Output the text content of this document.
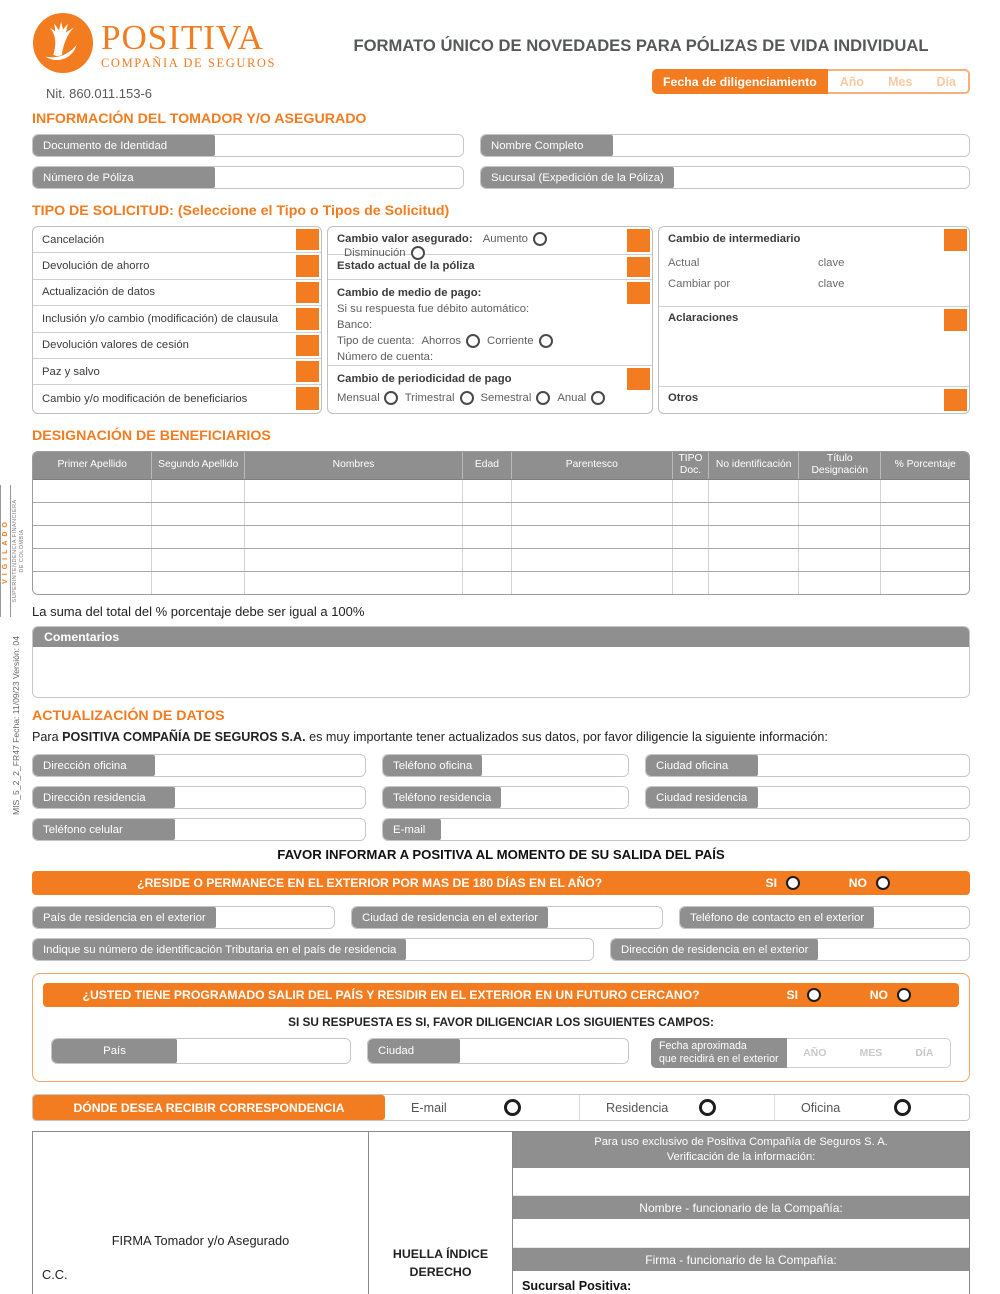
VIGILADO SUPERINTENDENCIA FINANCIERA
DE COLOMBIA
MIS_5_2_2_FR47 Fecha: 11/09/23 Versión: 04
POSITIVA
COMPAÑIA DE SEGUROS
Nit. 860.011.153-6
FORMATO ÚNICO DE NOVEDADES PARA PÓLIZAS DE VIDA INDIVIDUAL
Fecha de diligenciamiento	Año Mes Día
INFORMACIÓN DEL TOMADOR Y/O ASEGURADO
Documento de Identidad	Nombre Completo
Número de Póliza	Sucursal (Expedición de la Póliza)
TIPO DE SOLICITUD: (Seleccione el Tipo o Tipos de Solicitud)
Cancelación
Devolución de ahorro
Actualización de datos
Inclusión y/o cambio (modificación) de clausula
Devolución valores de cesión
Paz y salvo
Cambio y/o modificación de beneficiarios
Cambio valor asegurado: Aumento

Disminución
Estado actual de la póliza
Cambio de medio de pago:
Si su respuesta fue débito automático:
Banco:
Tipo de cuenta: Ahorros Corriente
Número de cuenta:
Cambio de periodicidad de pago
Mensual Trimestral Semestral Anual
Cambio de intermediario
Actual	clave
Cambiar por	clave
Aclaraciones
Otros
DESIGNACIÓN DE BENEFICIARIOS
Primer Apellido	Segundo Apellido	Nombres	Edad	Parentesco	TIPO Doc.	No identificación	Título Designación	% Porcentaje

La suma del total del % porcentaje debe ser igual a 100%
Comentarios
ACTUALIZACIÓN DE DATOS
Para POSITIVA COMPAÑÍA DE SEGUROS S.A. es muy importante tener actualizados sus datos, por favor diligencie la siguiente información:
Dirección oficina	Teléfono oficina	Ciudad oficina
Dirección residencia	Teléfono residencia	Ciudad residencia
Teléfono celular	E-mail
FAVOR INFORMAR A POSITIVA AL MOMENTO DE SU SALIDA DEL PAÍS
¿RESIDE O PERMANECE EN EL EXTERIOR POR MAS DE 180 DÍAS EN EL AÑO?	SI	NO
País de residencia en el exterior	Ciudad de residencia en el exterior	Teléfono de contacto en el exterior
Indique su número de identificación Tributaria en el país de residencia	Dirección de residencia en el exterior
¿USTED TIENE PROGRAMADO SALIR DEL PAÍS Y RESIDIR EN EL EXTERIOR EN UN FUTURO CERCANO?	SI	NO
SI SU RESPUESTA ES SI, FAVOR DILIGENCIAR LOS SIGUIENTES CAMPOS:
País	Ciudad	Fecha aproximada
que recidirá en el exterior AÑO	MES	DÍA
DÓNDE DESEA RECIBIR CORRESPONDENCIA	E-mail	Residencia	Oficina
FIRMA Tomador y/o Asegurado
C.C.
HUELLA ÍNDICE
DERECHO
Para uso exclusivo de Positiva Compañía de Seguros S. A.
Verificación de la información:
Nombre - funcionario de la Compañía:
Firma - funcionario de la Compañía:
Sucursal Positiva:
